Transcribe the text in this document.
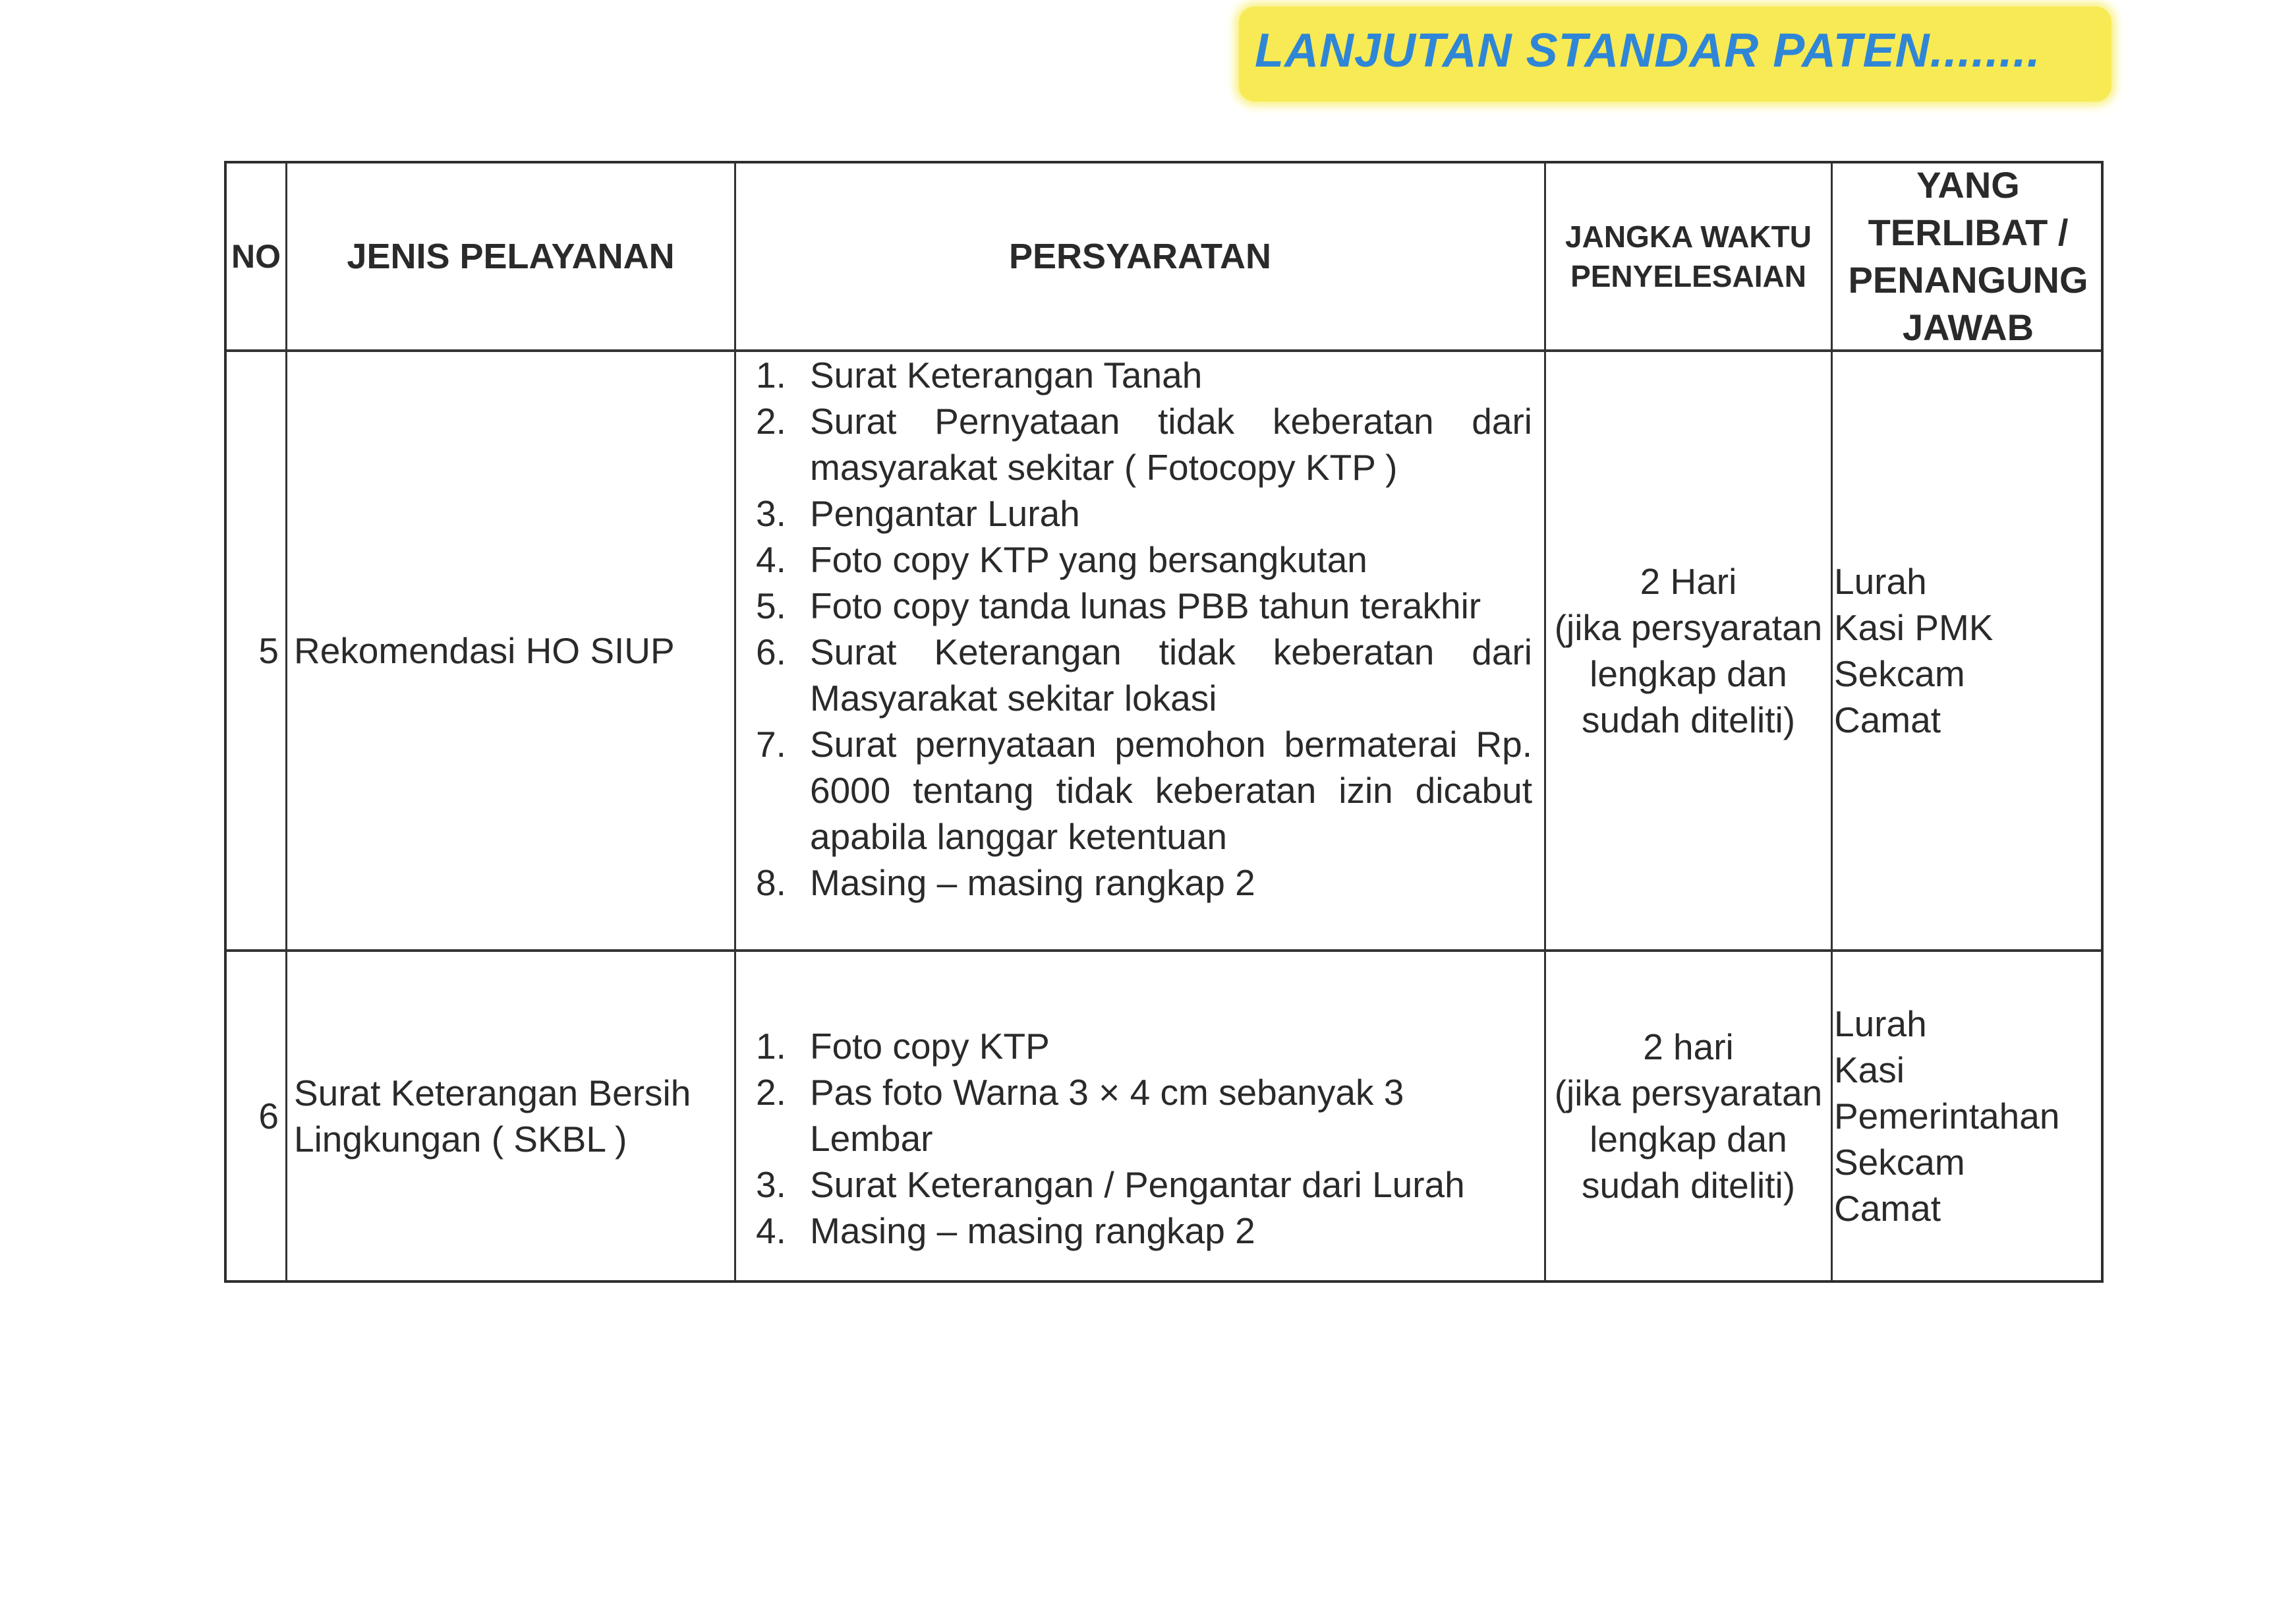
LANJUTAN STANDAR PATEN........
NO JENIS PELAYANAN	PERSYARATAN	JANGKA WAKTU
PENYELESAIAN
YANG
TERLIBAT /
PENANGUNG
JAWAB
5 Rekomendasi HO SIUP
1. Surat Keterangan Tanah
2. Surat Pernyataan tidak keberatan dari masyarakat sekitar ( Fotocopy KTP )
3. Pengantar Lurah
4. Foto copy KTP yang bersangkutan
5. Foto copy tanda lunas PBB tahun terakhir
6. Surat Keterangan tidak keberatan dari Masyarakat sekitar lokasi
7. Surat pernyataan pemohon bermaterai Rp. 6000 tentang tidak keberatan izin dicabut apabila langgar ketentuan
8. Masing – masing rangkap 2
2 Hari
(jika persyaratan
lengkap dan
sudah diteliti)
Lurah
Kasi PMK
Sekcam
Camat
6
Surat Keterangan Bersih
Lingkungan ( SKBL )
1. Foto copy KTP
2. Pas foto Warna 3 × 4 cm sebanyak 3 Lembar
3. Surat Keterangan / Pengantar dari Lurah
4. Masing – masing rangkap 2
2 hari
(jika persyaratan
lengkap dan
sudah diteliti)
Lurah
Kasi
Pemerintahan
Sekcam
Camat
